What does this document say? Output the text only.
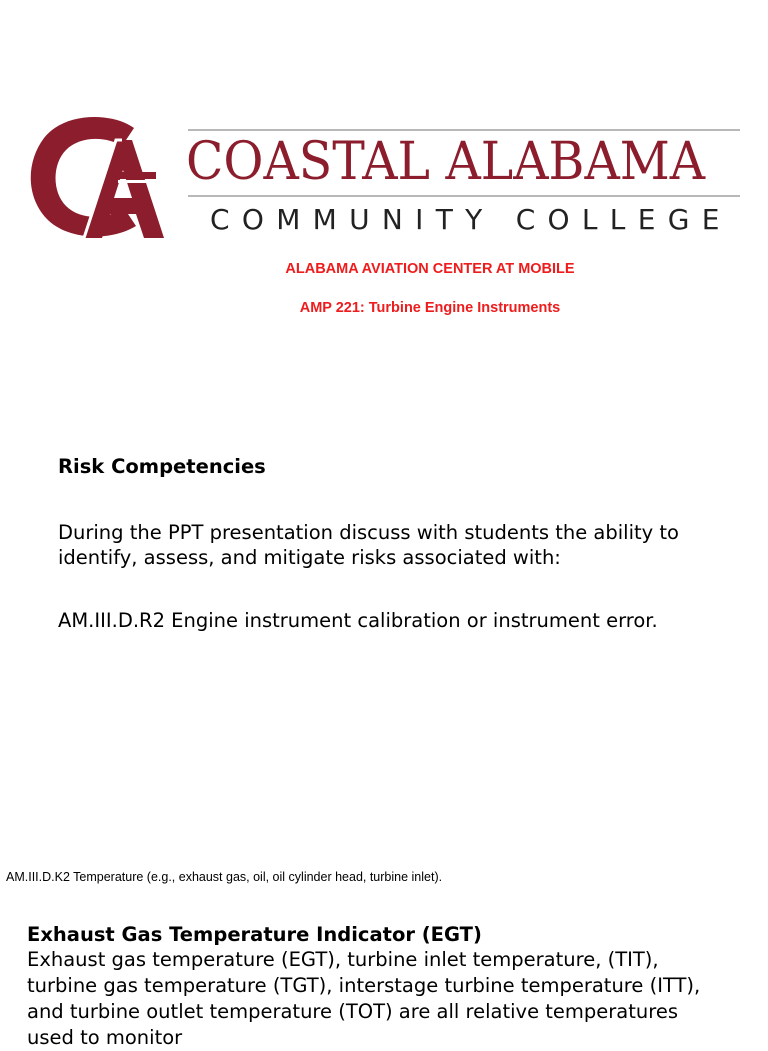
COASTAL ALABAMA
COMMUNITY COLLEGE
ALABAMA AVIATION CENTER AT MOBILE
AMP 221: Turbine Engine Instruments
Risk Competencies
During the PPT presentation discuss with students the ability to identify, assess, and mitigate risks associated with:
AM.III.D.R2 Engine instrument calibration or instrument error.
AM.III.D.K2 Temperature (e.g., exhaust gas, oil, oil cylinder head, turbine inlet).
Exhaust Gas Temperature Indicator (EGT)
Exhaust gas temperature (EGT), turbine inlet temperature, (TIT), turbine gas temperature (TGT), interstage turbine temperature (ITT), and turbine outlet temperature (TOT) are all relative temperatures used to monitor
